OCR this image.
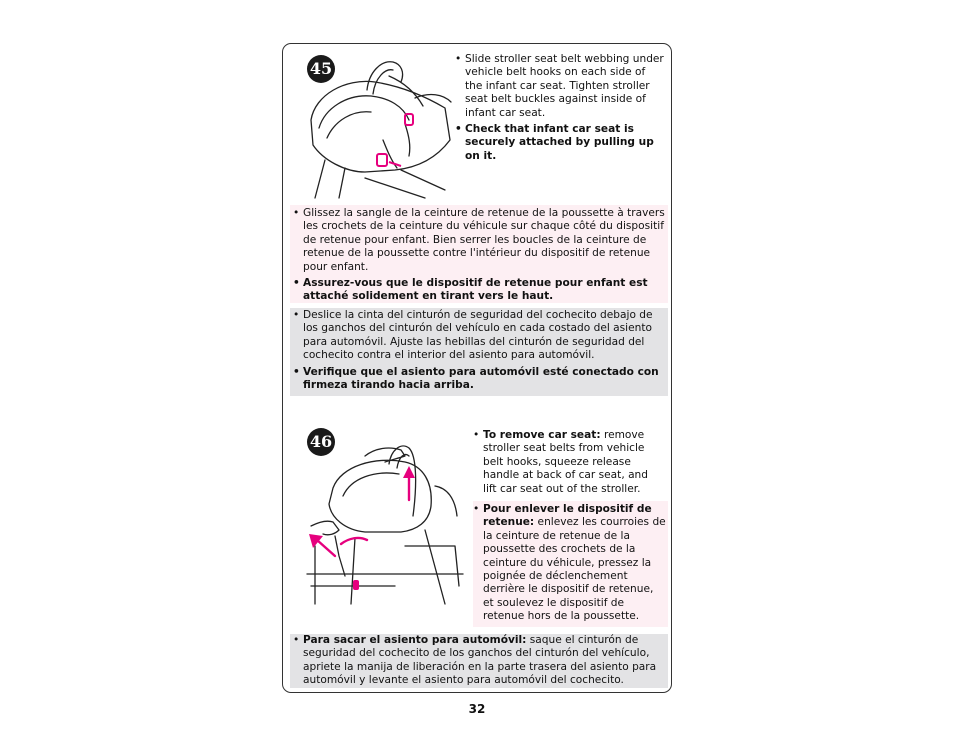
45	• Slide stroller seat belt webbing under vehicle belt hooks on each side of the infant car seat. Tighten stroller seat belt buckles against inside of infant car seat.

• Check that infant car seat is securely attached by pulling up on it.

• Glissez la sangle de la ceinture de retenue de la poussette à travers les crochets de la ceinture du véhicule sur chaque côté du dispositif de retenue pour enfant. Bien serrer les boucles de la ceinture de retenue de la poussette contre l'intérieur du dispositif de retenue pour enfant.

• Assurez-vous que le dispositif de retenue pour enfant est attaché solidement en tirant vers le haut.

• Deslice la cinta del cinturón de seguridad del cochecito debajo de los ganchos del cinturón del vehículo en cada costado del asiento para automóvil. Ajuste las hebillas del cinturón de seguridad del cochecito contra el interior del asiento para automóvil.

• Verifique que el asiento para automóvil esté conectado con firmeza tirando hacia arriba.

46	• To remove car seat: remove stroller seat belts from vehicle belt hooks, squeeze release handle at back of car seat, and lift car seat out of the stroller.

• Pour enlever le dispositif de retenue: enlevez les courroies de la ceinture de retenue de la poussette des crochets de la ceinture du véhicule, pressez la poignée de déclenchement derrière le dispositif de retenue, et soulevez le dispositif de retenue hors de la poussette.

• Para sacar el asiento para automóvil: saque el cinturón de seguridad del cochecito de los ganchos del cinturón del vehículo, apriete la manija de liberación en la parte trasera del asiento para automóvil y levante el asiento para automóvil del cochecito.

32
